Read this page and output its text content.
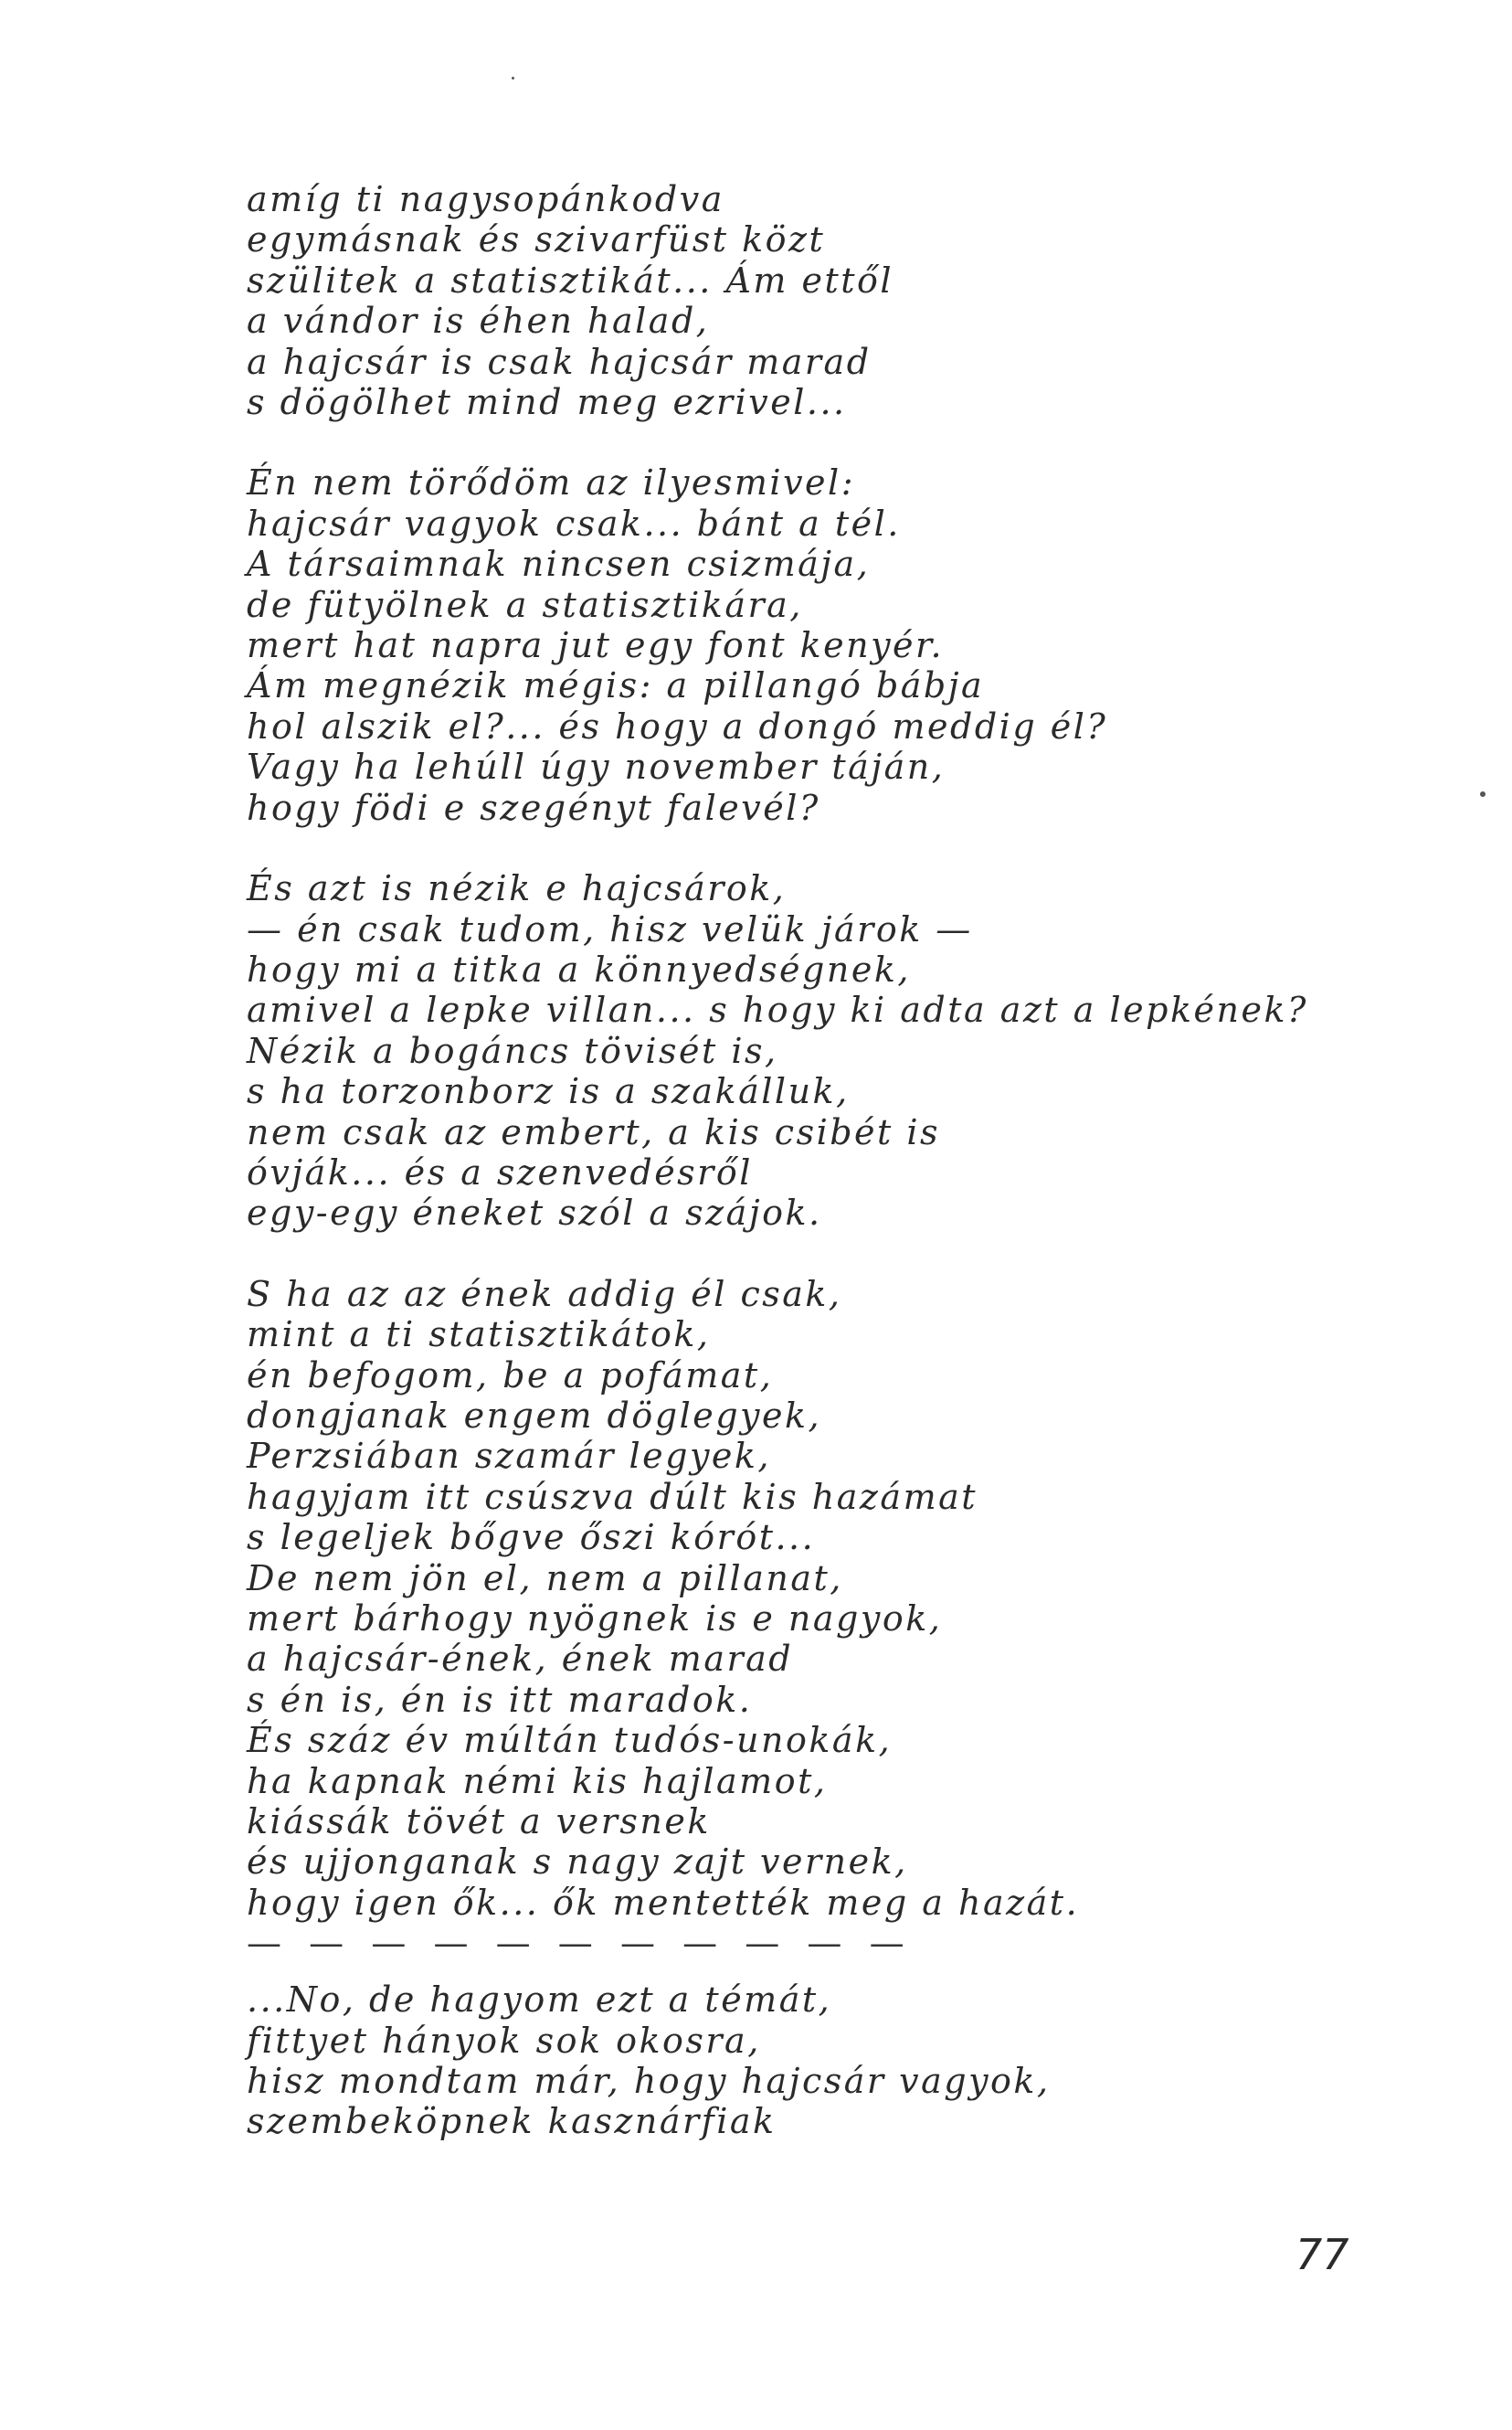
amíg ti nagysopánkodva
egymásnak és szivarfüst közt
szülitek a statisztikát... Ám ettől
a vándor is éhen halad,
a hajcsár is csak hajcsár marad
s dögölhet mind meg ezrivel...
Én nem törődöm az ilyesmivel:
hajcsár vagyok csak... bánt a tél.
A társaimnak nincsen csizmája,
de fütyölnek a statisztikára,
mert hat napra jut egy font kenyér.
Ám megnézik mégis: a pillangó bábja
hol alszik el?... és hogy a dongó meddig él?
Vagy ha lehúll úgy november táján,
hogy födi e szegényt falevél?
És azt is nézik e hajcsárok,
— én csak tudom, hisz velük járok —
hogy mi a titka a könnyedségnek,
amivel a lepke villan... s hogy ki adta azt a lepkének?
Nézik a bogáncs tövisét is,
s ha torzonborz is a szakálluk,
nem csak az embert, a kis csibét is
óvják... és a szenvedésről
egy-egy éneket szól a szájok.
S ha az az ének addig él csak,
mint a ti statisztikátok,
én befogom, be a pofámat,
dongjanak engem döglegyek,
Perzsiában szamár legyek,
hagyjam itt csúszva dúlt kis hazámat
s legeljek bőgve őszi kórót...
De nem jön el, nem a pillanat,
mert bárhogy nyögnek is e nagyok,
a hajcsár-ének, ének marad
s én is, én is itt maradok.
És száz év múltán tudós-unokák,
ha kapnak némi kis hajlamot,
kiássák tövét a versnek
és ujjonganak s nagy zajt vernek,
hogy igen ők... ők mentették meg a hazát.
—  —  —  —  —  —  —  —  —  —  —
...No, de hagyom ezt a témát,
fittyet hányok sok okosra,
hisz mondtam már, hogy hajcsár vagyok,
szembeköpnek kasznárfiak
77
